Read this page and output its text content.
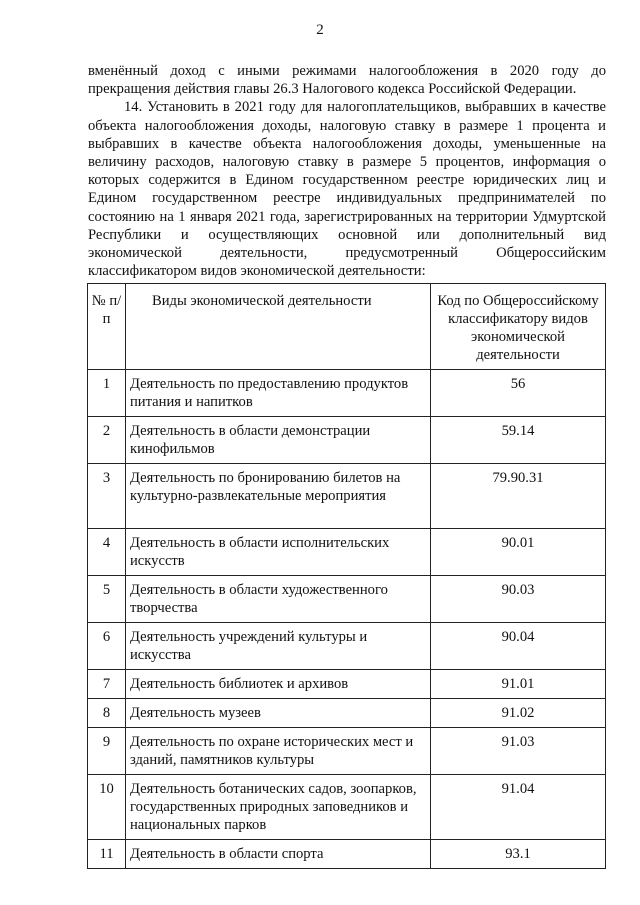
2

вменённый доход с иными режимами налогообложения в 2020 году до прекращения действия главы 26.3 Налогового кодекса Российской Федерации.

14. Установить в 2021 году для налогоплательщиков, выбравших в качестве объекта налогообложения доходы, налоговую ставку в размере 1 процента и выбравших в качестве объекта налогообложения доходы, уменьшенные на величину расходов, налоговую ставку в размере 5 процентов, информация о которых содержится в Едином государственном реестре юридических лиц и Едином государственном реестре индивидуальных предпринимателей по состоянию на 1 января 2021 года, зарегистрированных на территории Удмуртской Республики и осуществляющих основной или дополнительный вид экономической деятельности, предусмотренный Общероссийским классификатором видов экономической деятельности:

№ п/п	Виды экономической деятельности	Код по Общероссийскому классификатору видов экономической деятельности
1	Деятельность по предоставлению продуктов питания и напитков	56
2	Деятельность в области демонстрации кинофильмов	59.14
3	Деятельность по бронированию билетов на культурно-развлекательные мероприятия	79.90.31
4	Деятельность в области исполнительских искусств	90.01
5	Деятельность в области художественного творчества	90.03
6	Деятельность учреждений культуры и искусства	90.04
7	Деятельность библиотек и архивов	91.01
8	Деятельность музеев	91.02
9	Деятельность по охране исторических мест и зданий, памятников культуры	91.03
10	Деятельность ботанических садов, зоопарков, государственных природных заповедников и национальных парков	91.04
11	Деятельность в области спорта	93.1
